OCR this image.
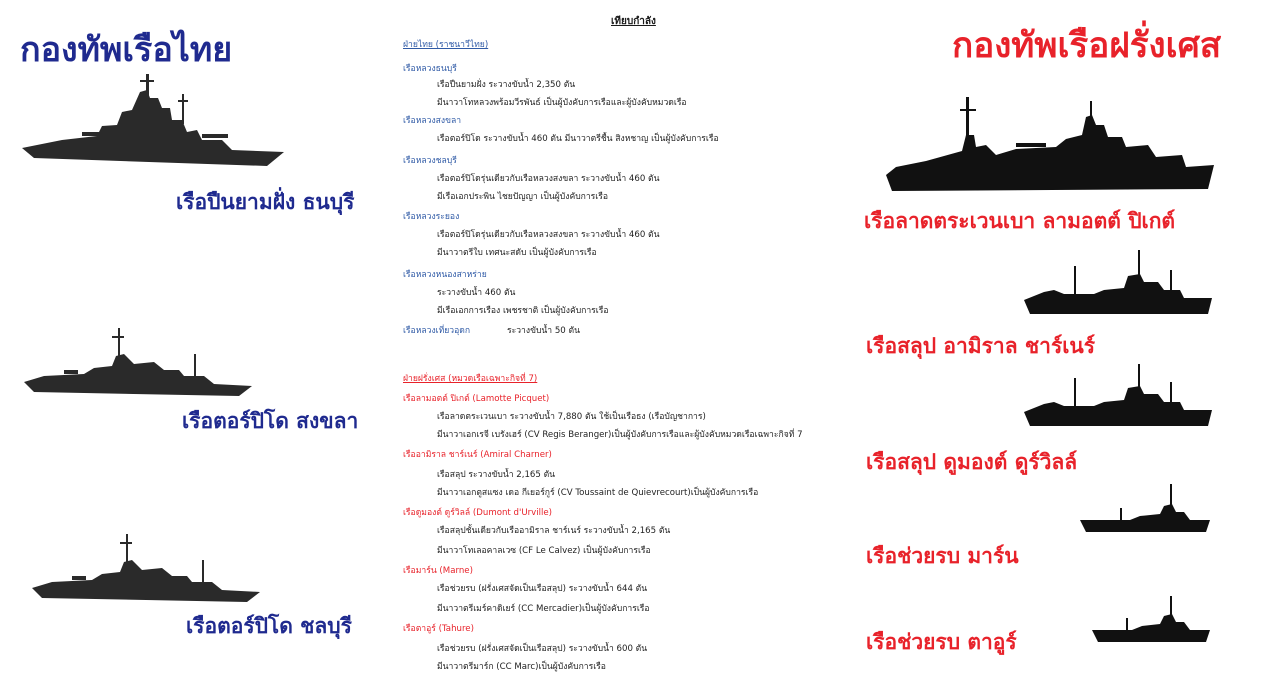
กองทัพเรือไทย
เรือปืนยามฝั่ง ธนบุรี
เรือตอร์ปิโด สงขลา
เรือตอร์ปิโด ชลบุรี
กองทัพเรือฝรั่งเศส
เรือลาดตระเวนเบา ลามอตต์ ปิเกต์
เรือสลุป อามิราล ชาร์เนร์
เรือสลุป ดูมองต์ ดูร์วิลล์
เรือช่วยรบ มาร์น
เรือช่วยรบ ตาอูร์
เทียบกำลัง
ฝ่ายไทย (ราชนาวีไทย)
เรือหลวงธนบุรี
เรือปืนยามฝั่ง ระวางขับน้ำ 2,350 ตัน
มีนาวาโทหลวงพร้อมวีรพันธ์ เป็นผู้บังคับการเรือและผู้บังคับหมวดเรือ
เรือหลวงสงขลา
เรือตอร์ปิโด ระวางขับน้ำ 460 ตัน มีนาวาตรีชื้น สิงหชาญ เป็นผู้บังคับการเรือ
เรือหลวงชลบุรี
เรือตอร์ปิโดรุ่นเดียวกับเรือหลวงสงขลา ระวางขับน้ำ 460 ตัน
มีเรือเอกประพิน ไชยปัญญา เป็นผู้บังคับการเรือ
เรือหลวงระยอง
เรือตอร์ปิโดรุ่นเดียวกับเรือหลวงสงขลา ระวางขับน้ำ 460 ตัน
มีนาวาตรีใบ เทศนะสดับ เป็นผู้บังคับการเรือ
เรือหลวงหนองสาหร่าย
ระวางขับน้ำ 460 ตัน
มีเรือเอกการเรือง เพชรชาติ เป็นผู้บังคับการเรือ
เรือหลวงเที่ยวอุดก	ระวางขับน้ำ 50 ตัน
ฝ่ายฝรั่งเศส (หมวดเรือเฉพาะกิจที่ 7)
เรือลามอตต์ ปิเกต์ (Lamotte Picquet)
เรือลาดตระเวนเบา ระวางขับน้ำ 7,880 ตัน ใช้เป็นเรือธง (เรือบัญชาการ)
มีนาวาเอกเรจี เบรังเฮร์ (CV Regis Beranger)เป็นผู้บังคับการเรือและผู้บังคับหมวดเรือเฉพาะกิจที่ 7
เรืออามิราล ชาร์เนร์ (Amiral Charner)
เรือสลุป ระวางขับน้ำ 2,165 ตัน
มีนาวาเอกตูสแซง เดอ กีเยอร์กูร์ (CV Toussaint de Quievrecourt)เป็นผู้บังคับการเรือ
เรือดูมองต์ ดูร์วิลล์ (Dumont d'Urville)
เรือสลุปชั้นเดียวกับเรืออามิราล ชาร์เนร์ ระวางขับน้ำ 2,165 ตัน
มีนาวาโทเลอคาลเวซ (CF Le Calvez) เป็นผู้บังคับการเรือ
เรือมาร์น (Marne)
เรือช่วยรบ (ฝรั่งเศสจัดเป็นเรือสลุป) ระวางขับน้ำ 644 ตัน
มีนาวาตรีเมร์คาดิเยร์ (CC Mercadier)เป็นผู้บังคับการเรือ
เรือตาอูร์ (Tahure)
เรือช่วยรบ (ฝรั่งเศสจัดเป็นเรือสลุป) ระวางขับน้ำ 600 ตัน
มีนาวาตรีมาร์ก (CC Marc)เป็นผู้บังคับการเรือ
